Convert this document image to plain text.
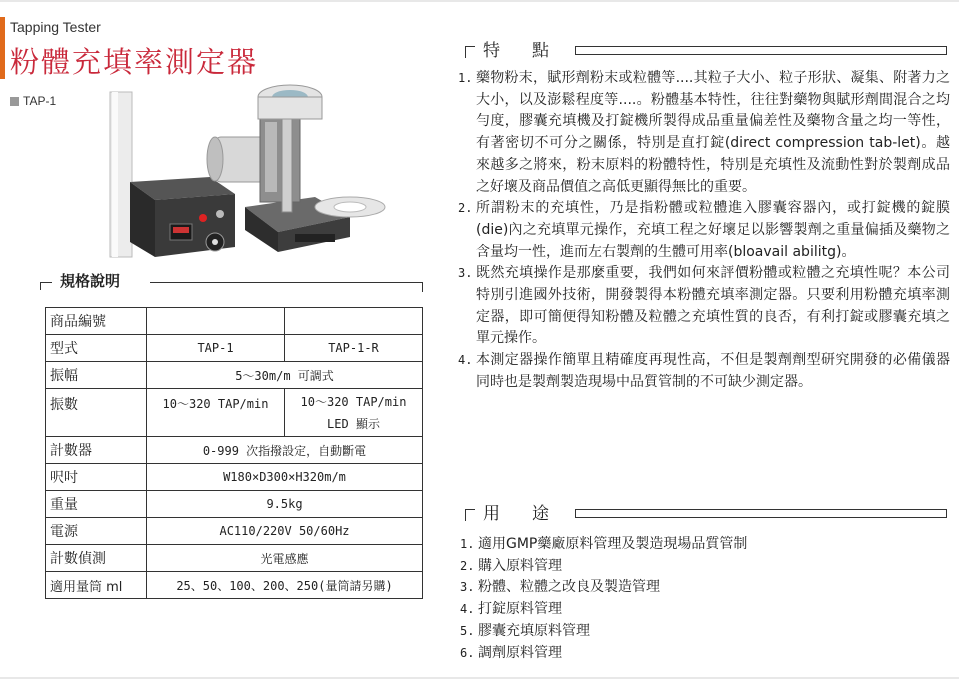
Tapping Tester
粉體充填率測定器
TAP-1
規格說明
商品編號		

型式	TAP-1	TAP-1-R

振幅	5～30m/m 可調式	

振數	10～320 TAP/min	10～320 TAP/min
LED 顯示

計數器	0-999 次指撥設定，自動斷電	

呎吋	W180×D300×H320m/m	

重量	9.5kg	

電源	AC110/220V 50/60Hz	

計數偵測	光電感應	

適用量筒 ml	25、50、100、200、250(量筒請另購)	
特 點
1. 藥物粉末，賦形劑粉末或粒體等....其粒子大小、粒子形狀、凝集、附著力之大小，以及澎鬆程度等....。粉體基本特性，往往對藥物與賦形劑間混合之均勻度，膠囊充填機及打錠機所製得成品重量偏差性及藥物含量之均一等性，有著密切不可分之關係，特別是直打錠(direct compression tab-let)。越來越多之將來，粉末原料的粉體特性，特別是充填性及流動性對於製劑成品之好壞及商品價值之高低更顯得無比的重要。
2. 所謂粉末的充填性，乃是指粉體或粒體進入膠囊容器內，或打錠機的錠膜(die)內之充填單元操作，充填工程之好壞足以影響製劑之重量偏插及藥物之含量均一性，進而左右製劑的生體可用率(bloavail abilitg)。
3. 既然充填操作是那麼重要，我們如何來評價粉體或粒體之充填性呢？本公司特別引進國外技術，開發製得本粉體充填率測定器。只要利用粉體充填率測定器，即可簡便得知粉體及粒體之充填性質的良否，有利打錠或膠囊充填之單元操作。
4. 本測定器操作簡單且精確度再現性高，不但是製劑劑型研究開發的必備儀器同時也是製劑製造現場中品質管制的不可缺少測定器。
用 途
1. 適用GMP藥廠原料管理及製造現場品質管制
2. 購入原料管理
3. 粉體、粒體之改良及製造管理
4. 打錠原料管理
5. 膠囊充填原料管理
6. 調劑原料管理
